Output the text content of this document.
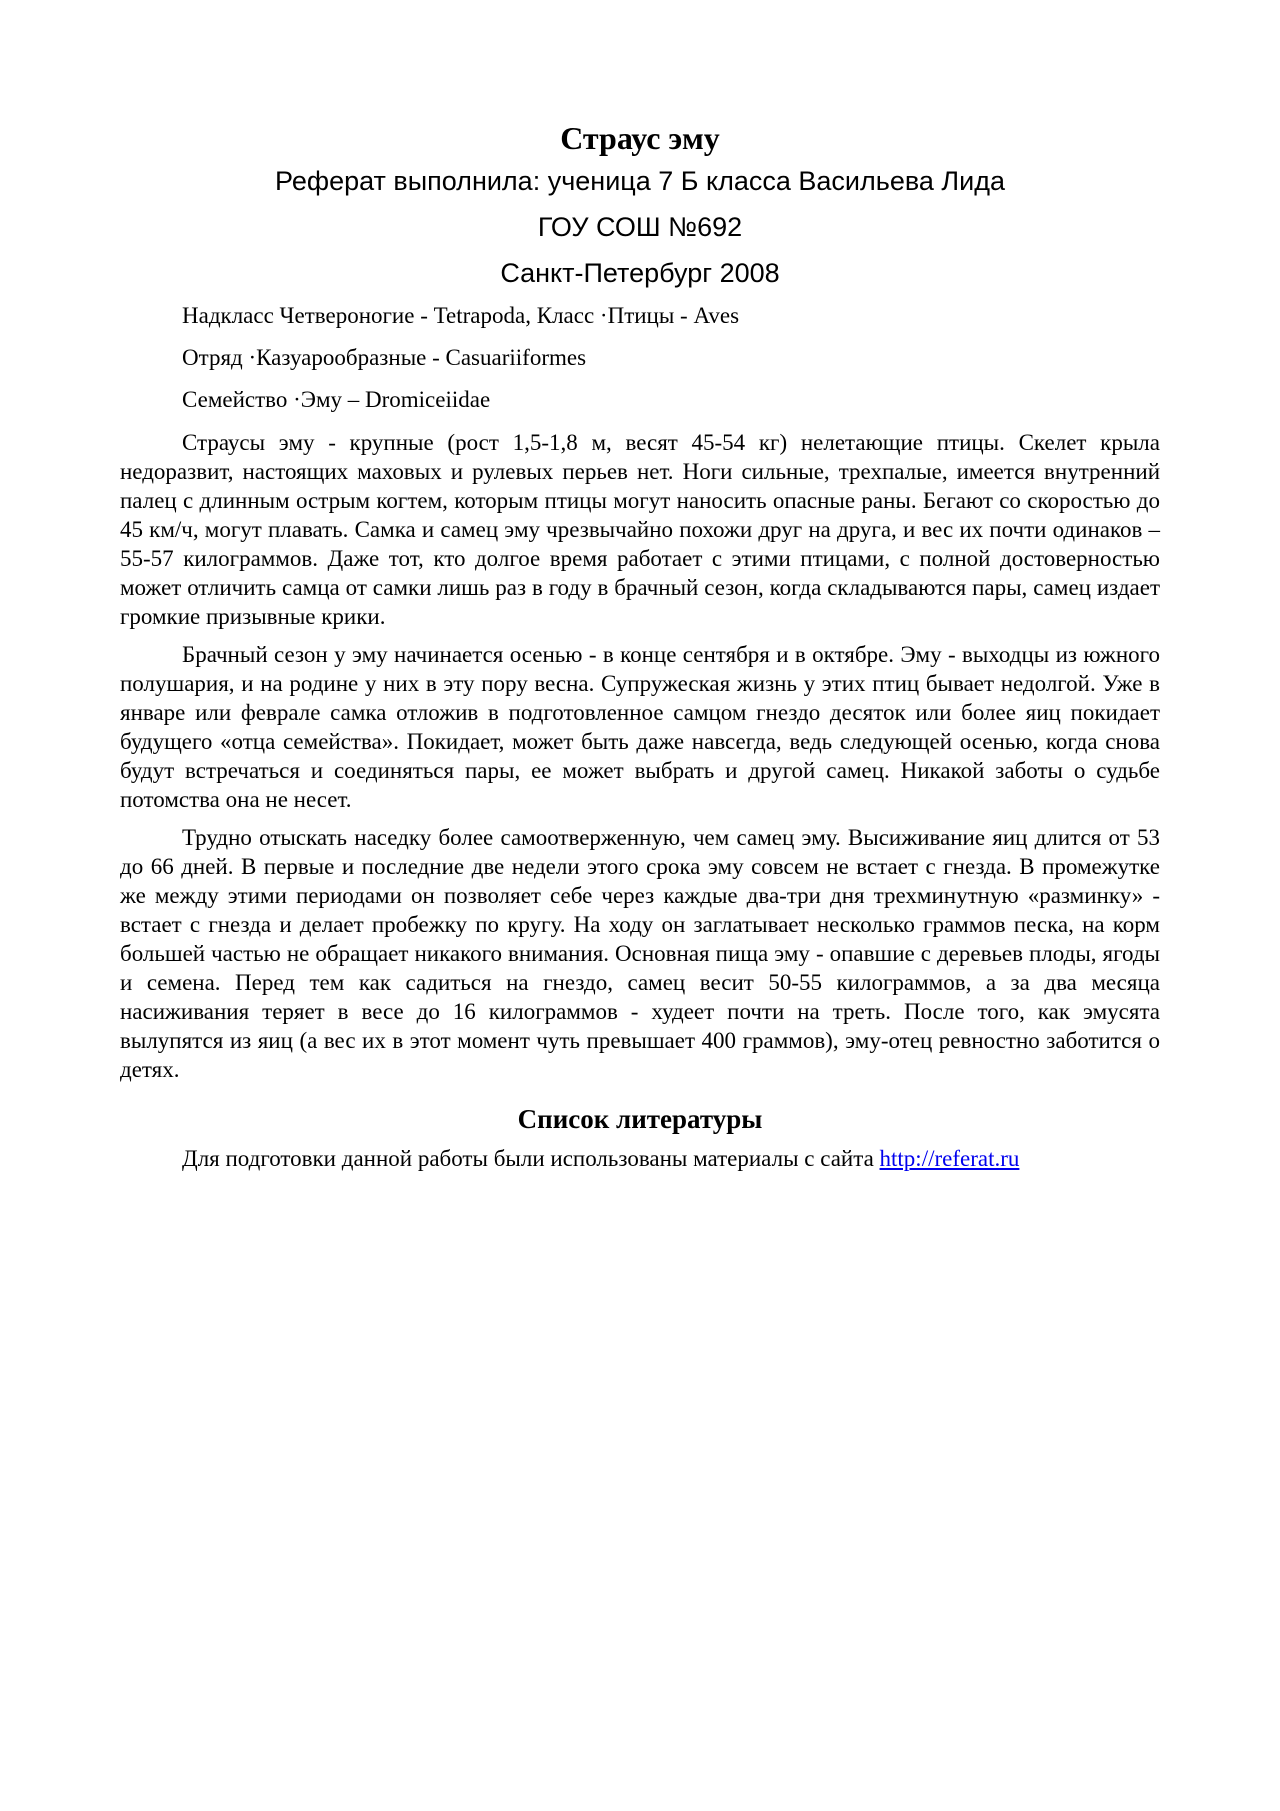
Страус эму
Реферат выполнила: ученица 7 Б класса Васильева Лида
ГОУ СОШ №692
Санкт-Петербург 2008
Надкласс Четвероногие - Tetrapoda, Класс ·Птицы - Aves
Отряд ·Казуарообразные - Casuariiformes
Семейство ·Эму – Dromiceiidae

Страусы эму - крупные (рост 1,5-1,8 м, весят 45-54 кг) нелетающие птицы. Скелет крыла недоразвит, настоящих маховых и рулевых перьев нет. Ноги сильные, трехпалые, имеется внутренний палец с длинным острым когтем, которым птицы могут наносить опасные раны. Бегают со скоростью до 45 км/ч, могут плавать. Самка и самец эму чрезвычайно похожи друг на друга, и вес их почти одинаков – 55-57 килограммов. Даже тот, кто долгое время работает с этими птицами, с полной достоверностью может отличить самца от самки лишь раз в году в брачный сезон, когда складываются пары, самец издает громкие призывные крики.

Брачный сезон у эму начинается осенью - в конце сентября и в октябре. Эму - выходцы из южного полушария, и на родине у них в эту пору весна. Супружеская жизнь у этих птиц бывает недолгой. Уже в январе или феврале самка отложив в подготовленное самцом гнездо десяток или более яиц покидает будущего «отца семейства». Покидает, может быть даже навсегда, ведь следующей осенью, когда снова будут встречаться и соединяться пары, ее может выбрать и другой самец. Никакой заботы о судьбе потомства она не несет.

Трудно отыскать наседку более самоотверженную, чем самец эму. Высиживание яиц длится от 53 до 66 дней. В первые и последние две недели этого срока эму совсем не встает с гнезда. В промежутке же между этими периодами он позволяет себе через каждые два-три дня трехминутную «разминку» - встает с гнезда и делает пробежку по кругу. На ходу он заглатывает несколько граммов песка, на корм большей частью не обращает никакого внимания. Основная пища эму - опавшие с деревьев плоды, ягоды и семена. Перед тем как садиться на гнездо, самец весит 50-55 килограммов, а за два месяца насиживания теряет в весе до 16 килограммов - худеет почти на треть. После того, как эмусята вылупятся из яиц (а вес их в этот момент чуть превышает 400 граммов), эму-отец ревностно заботится о детях.

Список литературы

Для подготовки данной работы были использованы материалы с сайта http://referat.ru
